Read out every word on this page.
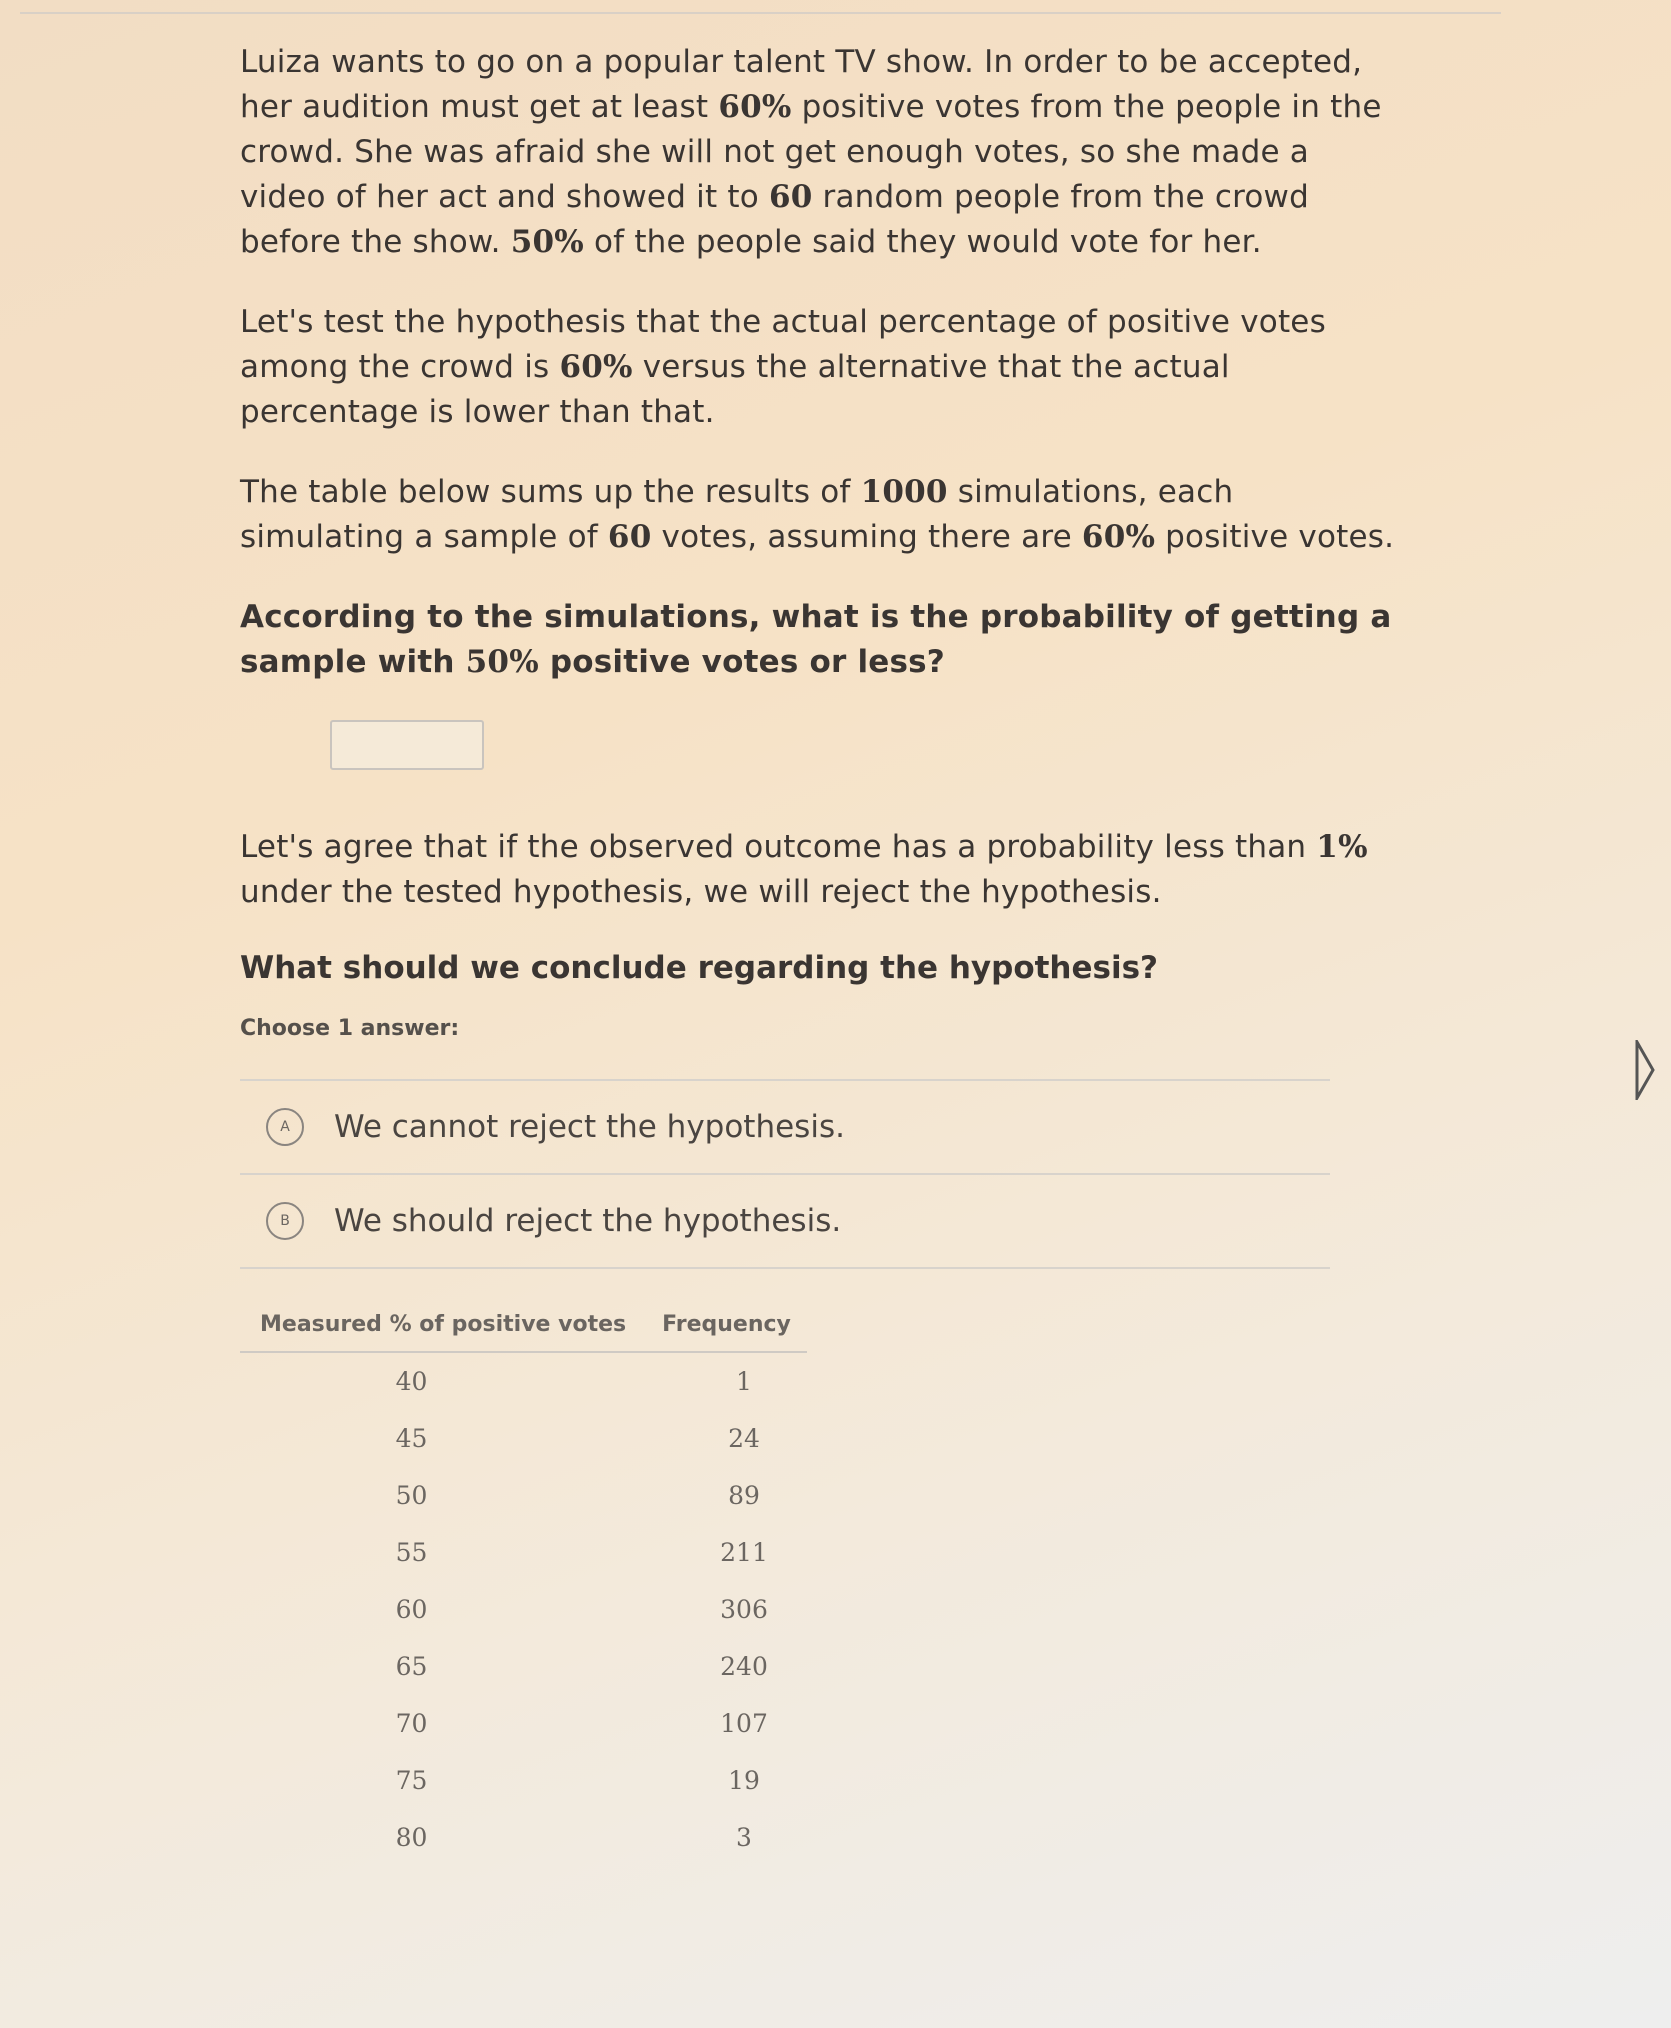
Luiza wants to go on a popular talent TV show. In order to be accepted, her audition must get at least 60% positive votes from the people in the crowd. She was afraid she will not get enough votes, so she made a video of her act and showed it to 60 random people from the crowd before the show. 50% of the people said they would vote for her.

Let's test the hypothesis that the actual percentage of positive votes among the crowd is 60% versus the alternative that the actual percentage is lower than that.

The table below sums up the results of 1000 simulations, each simulating a sample of 60 votes, assuming there are 60% positive votes.

According to the simulations, what is the probability of getting a sample with 50% positive votes or less?

Let's agree that if the observed outcome has a probability less than 1% under the tested hypothesis, we will reject the hypothesis.

What should we conclude regarding the hypothesis?

Choose 1 answer:

A	We cannot reject the hypothesis.
B	We should reject the hypothesis.
Measured % of positive votes	Frequency
40	1
45	24
50	89
55	211
60	306
65	240
70	107
75	19
80	3
